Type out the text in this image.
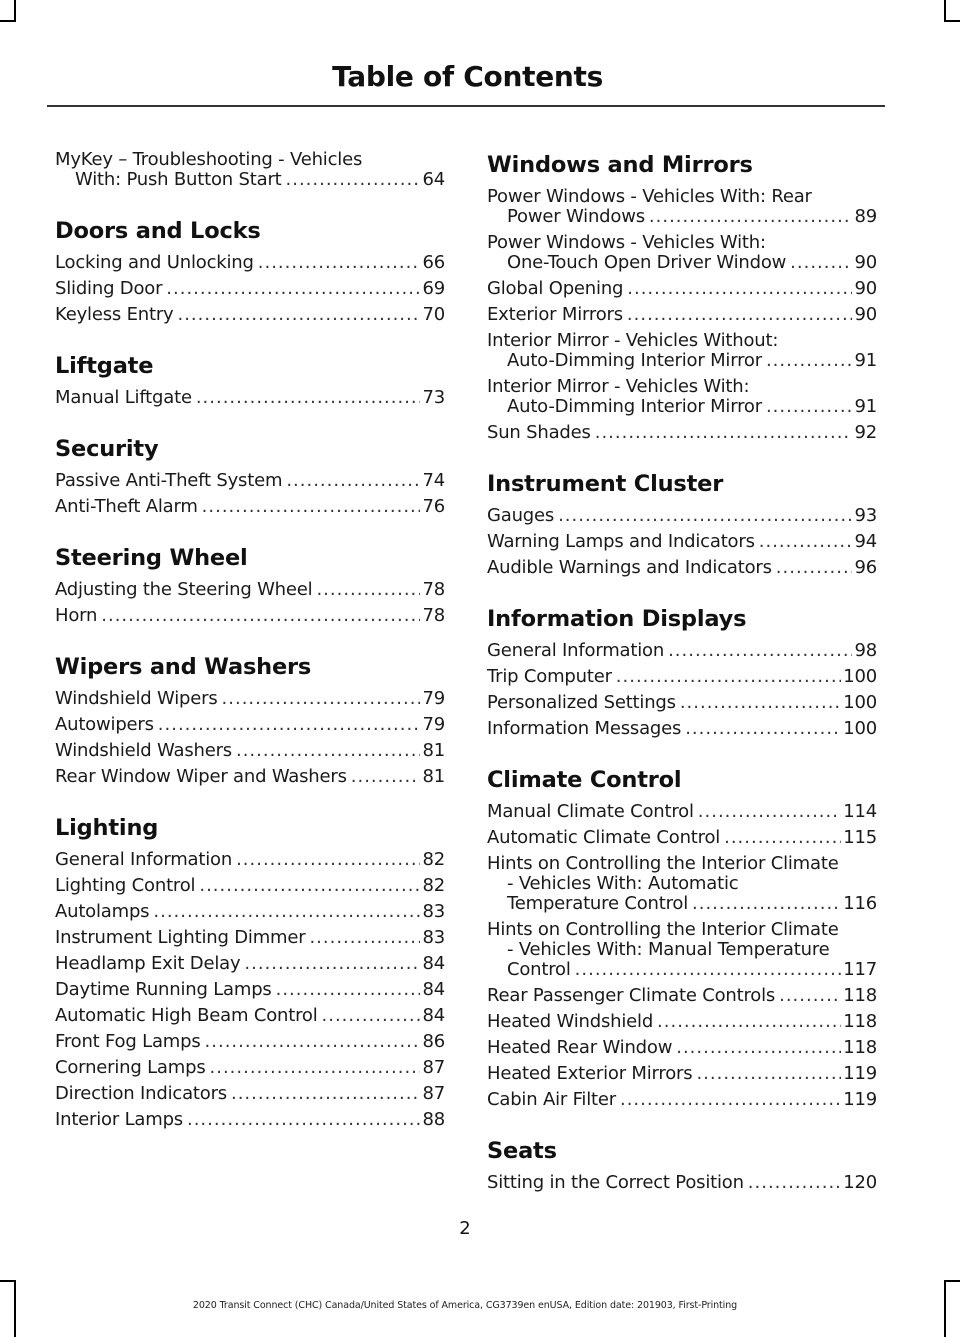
Table of Contents
MyKey – Troubleshooting - Vehicles
With: Push Button Start .....	64
Doors and Locks
Locking and Unlocking .....	66
Sliding Door .....	69
Keyless Entry .....	70
Liftgate
Manual Liftgate .....	73
Security
Passive Anti-Theft System .....	74
Anti-Theft Alarm .....	76
Steering Wheel
Adjusting the Steering Wheel .....	78
Horn .....	78
Wipers and Washers
Windshield Wipers .....	79
Autowipers .....	79
Windshield Washers .....	81
Rear Window Wiper and Washers .....	81
Lighting
General Information .....	82
Lighting Control .....	82
Autolamps .....	83
Instrument Lighting Dimmer .....	83
Headlamp Exit Delay .....	84
Daytime Running Lamps .....	84
Automatic High Beam Control .....	84
Front Fog Lamps .....	86
Cornering Lamps .....	87
Direction Indicators .....	87
Interior Lamps .....	88
Windows and Mirrors
Power Windows - Vehicles With: Rear
Power Windows .....	89
Power Windows - Vehicles With:
One-Touch Open Driver Window .....	90
Global Opening .....	90
Exterior Mirrors .....	90
Interior Mirror - Vehicles Without:
Auto-Dimming Interior Mirror .....	91
Interior Mirror - Vehicles With:
Auto-Dimming Interior Mirror .....	91
Sun Shades .....	92
Instrument Cluster
Gauges .....	93
Warning Lamps and Indicators .....	94
Audible Warnings and Indicators .....	96
Information Displays
General Information .....	98
Trip Computer .....	100
Personalized Settings .....	100
Information Messages .....	100
Climate Control
Manual Climate Control .....	114
Automatic Climate Control .....	115
Hints on Controlling the Interior Climate
- Vehicles With: Automatic
Temperature Control .....	116
Hints on Controlling the Interior Climate
- Vehicles With: Manual Temperature
Control .....	117
Rear Passenger Climate Controls .....	118
Heated Windshield .....	118
Heated Rear Window .....	118
Heated Exterior Mirrors .....	119
Cabin Air Filter .....	119
Seats
Sitting in the Correct Position .....	120
2
2020 Transit Connect (CHC) Canada/United States of America, CG3739en enUSA, Edition date: 201903, First-Printing
